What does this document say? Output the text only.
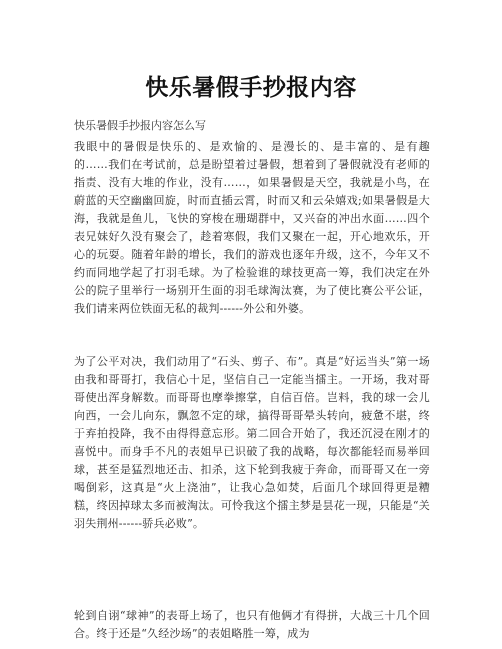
快乐暑假手抄报内容
快乐暑假手抄报内容怎么写

我眼中的暑假是快乐的、是欢愉的、是漫长的、是丰富的、是有趣的……我们在考试前，总是盼望着过暑假，想着到了暑假就没有老师的指责、没有大堆的作业，没有……，如果暑假是天空，我就是小鸟，在蔚蓝的天空幽幽回旋，时而直插云霄，时而又和云朵嬉戏;如果暑假是大海，我就是鱼儿，飞快的穿梭在珊瑚群中，又兴奋的冲出水面……四个表兄妹好久没有聚会了，趁着寒假，我们又聚在一起，开心地欢乐，开心的玩耍。随着年龄的增长，我们的游戏也逐年升级，这不，今年又不约而同地学起了打羽毛球。为了检验谁的球技更高一筹，我们决定在外公的院子里举行一场别开生面的羽毛球淘汰赛，为了使比赛公平公证，我们请来两位铁面无私的裁判------外公和外婆。

为了公平对决，我们动用了“石头、剪子、布”。真是“好运当头”第一场由我和哥哥打，我信心十足，坚信自己一定能当擂主。一开场，我对哥哥使出浑身解数。而哥哥也摩拳擦掌，自信百倍。岂料，我的球一会儿向西，一会儿向东，飘忽不定的球，搞得哥哥晕头转向，疲惫不堪，终于弃拍投降，我不由得得意忘形。第二回合开始了，我还沉浸在刚才的喜悦中。而身手不凡的表姐早已识破了我的战略，每次都能轻而易举回球，甚至是猛烈地还击、扣杀，这下轮到我疲于奔命，而哥哥又在一旁喝倒彩，这真是“火上浇油”，让我心急如焚，后面几个球回得更是糟糕，终因掉球太多而被淘汰。可怜我这个擂主梦是昙花一现，只能是“关羽失荆州------骄兵必败”。

轮到自诩“球神”的表哥上场了，也只有他俩才有得拼，大战三十几个回合。终于还是“久经沙场”的表姐略胜一筹，成为
